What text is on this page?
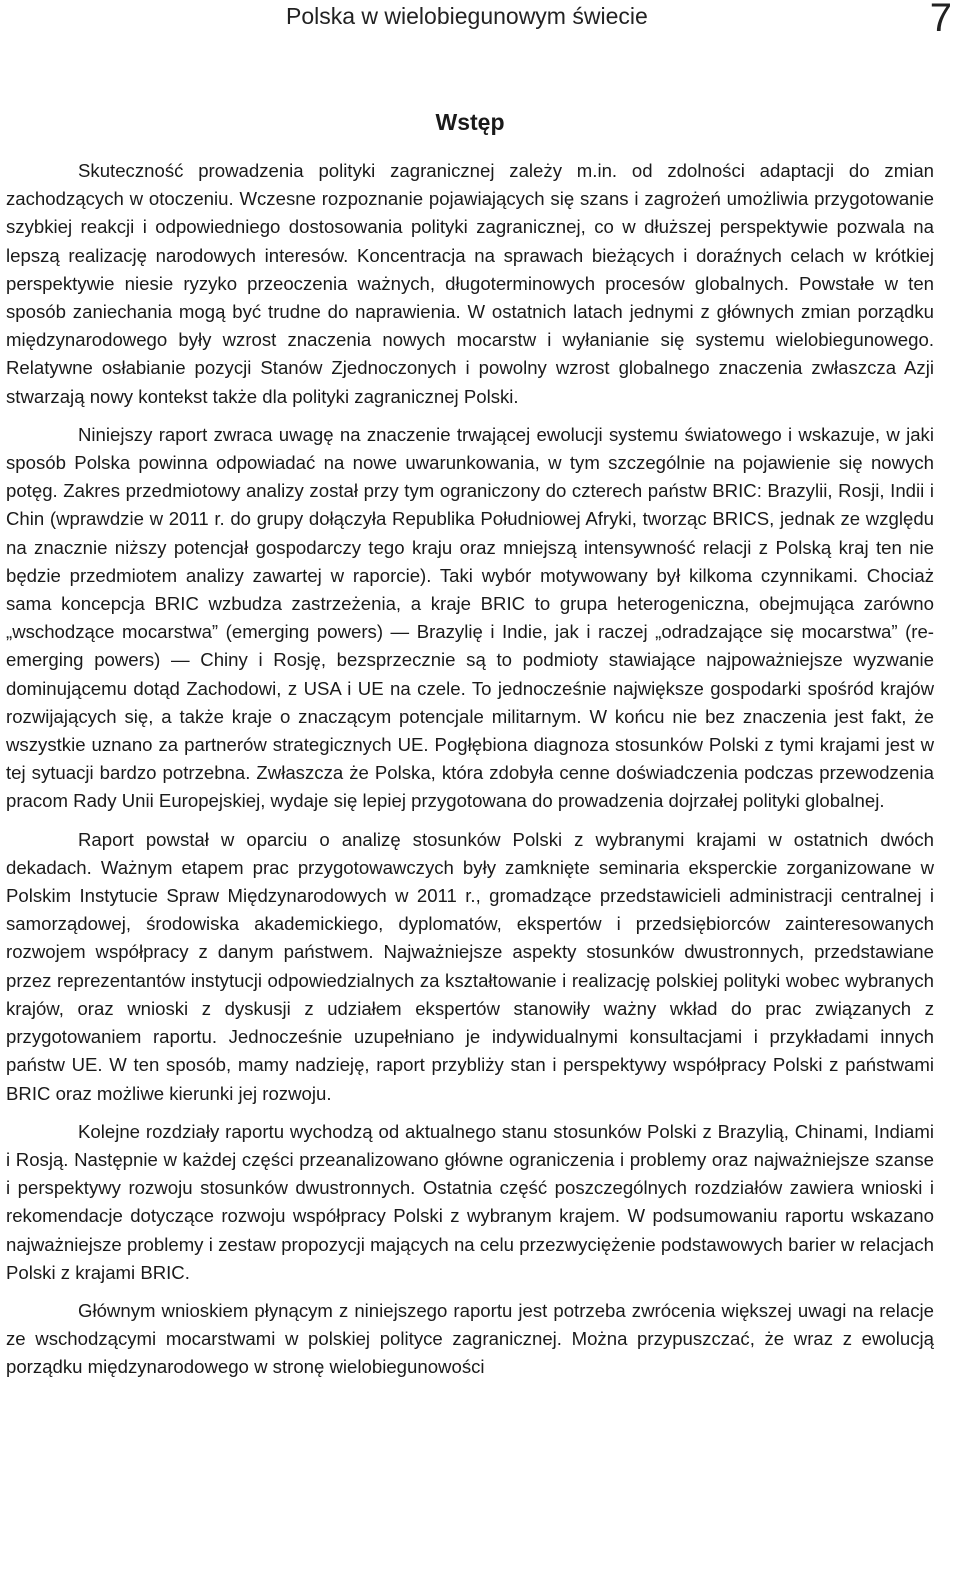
Polska w wielobiegunowym świecie	7
Wstęp

Skuteczność prowadzenia polityki zagranicznej zależy m.in. od zdolności adaptacji do zmian zachodzących w otoczeniu. Wczesne rozpoznanie pojawiających się szans i zagrożeń umożliwia przygotowanie szybkiej reakcji i odpowiedniego dostosowania polityki zagranicznej, co w dłuższej perspektywie pozwala na lepszą realizację narodowych interesów. Koncentracja na sprawach bieżących i doraźnych celach w krótkiej perspektywie niesie ryzyko przeoczenia ważnych, długoterminowych procesów globalnych. Powstałe w ten sposób zaniechania mogą być trudne do naprawienia. W ostatnich latach jednymi z głównych zmian porządku międzynarodowego były wzrost znaczenia nowych mocarstw i wyłanianie się systemu wielobiegunowego. Relatywne osłabianie pozycji Stanów Zjednoczonych i powolny wzrost globalnego znaczenia zwłaszcza Azji stwarzają nowy kontekst także dla polityki zagranicznej Polski.

Niniejszy raport zwraca uwagę na znaczenie trwającej ewolucji systemu światowego i wskazuje, w jaki sposób Polska powinna odpowiadać na nowe uwarunkowania, w tym szczególnie na pojawienie się nowych potęg. Zakres przedmiotowy analizy został przy tym ograniczony do czterech państw BRIC: Brazylii, Rosji, Indii i Chin (wprawdzie w 2011 r. do grupy dołączyła Republika Południowej Afryki, tworząc BRICS, jednak ze względu na znacznie niższy potencjał gospodarczy tego kraju oraz mniejszą intensywność relacji z Polską kraj ten nie będzie przedmiotem analizy zawartej w raporcie). Taki wybór motywowany był kilkoma czynnikami. Chociaż sama koncepcja BRIC wzbudza zastrzeżenia, a kraje BRIC to grupa heterogeniczna, obejmująca zarówno „wschodzące mocarstwa” (emerging powers) — Brazylię i Indie, jak i raczej „odradzające się mocarstwa” (re-emerging powers) — Chiny i Rosję, bezsprzecznie są to podmioty stawiające najpoważniejsze wyzwanie dominującemu dotąd Zachodowi, z USA i UE na czele. To jednocześnie największe gospodarki spośród krajów rozwijających się, a także kraje o znaczącym potencjale militarnym. W końcu nie bez znaczenia jest fakt, że wszystkie uznano za partnerów strategicznych UE. Pogłębiona diagnoza stosunków Polski z tymi krajami jest w tej sytuacji bardzo potrzebna. Zwłaszcza że Polska, która zdobyła cenne doświadczenia podczas przewodzenia pracom Rady Unii Europejskiej, wydaje się lepiej przygotowana do prowadzenia dojrzałej polityki globalnej.

Raport powstał w oparciu o analizę stosunków Polski z wybranymi krajami w ostatnich dwóch dekadach. Ważnym etapem prac przygotowawczych były zamknięte seminaria eksperckie zorganizowane w Polskim Instytucie Spraw Międzynarodowych w 2011 r., gromadzące przedstawicieli administracji centralnej i samorządowej, środowiska akademickiego, dyplomatów, ekspertów i przedsiębiorców zainteresowanych rozwojem współpracy z danym państwem. Najważniejsze aspekty stosunków dwustronnych, przedstawiane przez reprezentantów instytucji odpowiedzialnych za kształtowanie i realizację polskiej polityki wobec wybranych krajów, oraz wnioski z dyskusji z udziałem ekspertów stanowiły ważny wkład do prac związanych z przygotowaniem raportu. Jednocześnie uzupełniano je indywidualnymi konsultacjami i przykładami innych państw UE. W ten sposób, mamy nadzieję, raport przybliży stan i perspektywy współpracy Polski z państwami BRIC oraz możliwe kierunki jej rozwoju.

Kolejne rozdziały raportu wychodzą od aktualnego stanu stosunków Polski z Brazylią, Chinami, Indiami i Rosją. Następnie w każdej części przeanalizowano główne ograniczenia i problemy oraz najważniejsze szanse i perspektywy rozwoju stosunków dwustronnych. Ostatnia część poszczególnych rozdziałów zawiera wnioski i rekomendacje dotyczące rozwoju współpracy Polski z wybranym krajem. W podsumowaniu raportu wskazano najważniejsze problemy i zestaw propozycji mających na celu przezwyciężenie podstawowych barier w relacjach Polski z krajami BRIC.

Głównym wnioskiem płynącym z niniejszego raportu jest potrzeba zwrócenia większej uwagi na relacje ze wschodzącymi mocarstwami w polskiej polityce zagranicznej. Można przypuszczać, że wraz z ewolucją porządku międzynarodowego w stronę wielobiegunowości
